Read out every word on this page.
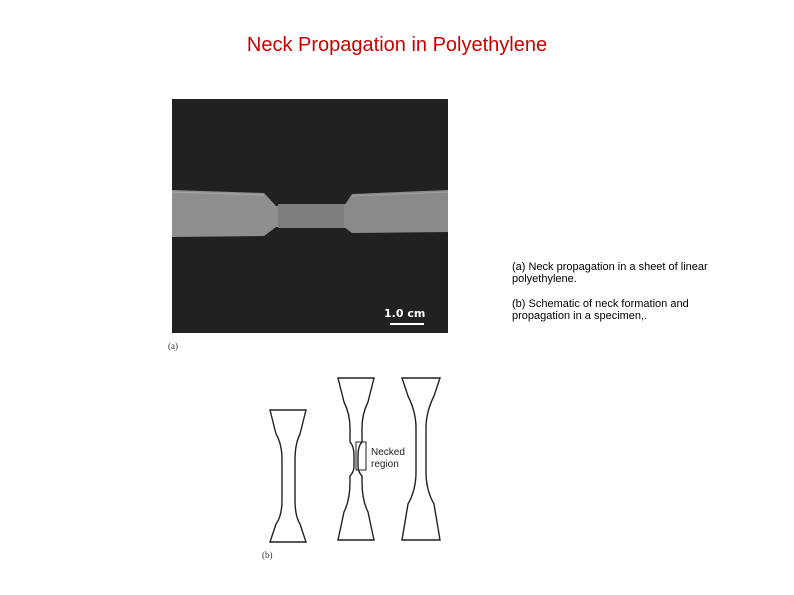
Neck Propagation in Polyethylene
1.0 cm
(a)

(a) Neck propagation in a sheet of linear polyethylene.

(b) Schematic of neck formation and propagation in a specimen,.

Necked
region
(b)
